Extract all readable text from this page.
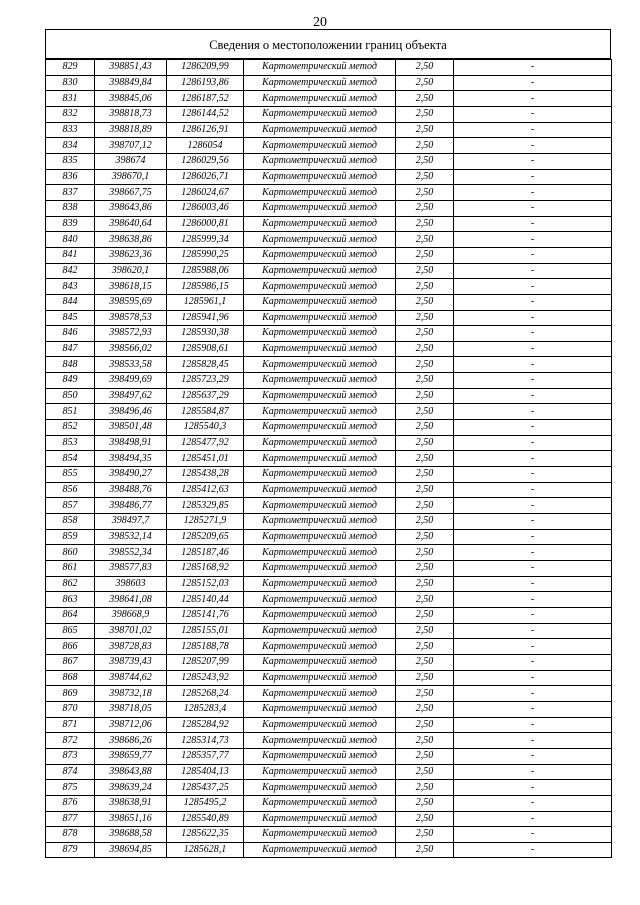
20
Сведения о местоположении границ объекта
829	398851,43	1286209,99	Картометрический метод	2,50	-
830	398849,84	1286193,86	Картометрический метод	2,50	-
831	398845,06	1286187,52	Картометрический метод	2,50	-
832	398818,73	1286144,52	Картометрический метод	2,50	-
833	398818,89	1286126,91	Картометрический метод	2,50	-
834	398707,12	1286054	Картометрический метод	2,50	-
835	398674	1286029,56	Картометрический метод	2,50	-
836	398670,1	1286026,71	Картометрический метод	2,50	-
837	398667,75	1286024,67	Картометрический метод	2,50	-
838	398643,86	1286003,46	Картометрический метод	2,50	-
839	398640,64	1286000,81	Картометрический метод	2,50	-
840	398638,86	1285999,34	Картометрический метод	2,50	-
841	398623,36	1285990,25	Картометрический метод	2,50	-
842	398620,1	1285988,06	Картометрический метод	2,50	-
843	398618,15	1285986,15	Картометрический метод	2,50	-
844	398595,69	1285961,1	Картометрический метод	2,50	-
845	398578,53	1285941,96	Картометрический метод	2,50	-
846	398572,93	1285930,38	Картометрический метод	2,50	-
847	398566,02	1285908,61	Картометрический метод	2,50	-
848	398533,58	1285828,45	Картометрический метод	2,50	-
849	398499,69	1285723,29	Картометрический метод	2,50	-
850	398497,62	1285637,29	Картометрический метод	2,50	-
851	398496,46	1285584,87	Картометрический метод	2,50	-
852	398501,48	1285540,3	Картометрический метод	2,50	-
853	398498,91	1285477,92	Картометрический метод	2,50	-
854	398494,35	1285451,01	Картометрический метод	2,50	-
855	398490,27	1285438,28	Картометрический метод	2,50	-
856	398488,76	1285412,63	Картометрический метод	2,50	-
857	398486,77	1285329,85	Картометрический метод	2,50	-
858	398497,7	1285271,9	Картометрический метод	2,50	-
859	398532,14	1285209,65	Картометрический метод	2,50	-
860	398552,34	1285187,46	Картометрический метод	2,50	-
861	398577,83	1285168,92	Картометрический метод	2,50	-
862	398603	1285152,03	Картометрический метод	2,50	-
863	398641,08	1285140,44	Картометрический метод	2,50	-
864	398668,9	1285141,76	Картометрический метод	2,50	-
865	398701,02	1285155,01	Картометрический метод	2,50	-
866	398728,83	1285188,78	Картометрический метод	2,50	-
867	398739,43	1285207,99	Картометрический метод	2,50	-
868	398744,62	1285243,92	Картометрический метод	2,50	-
869	398732,18	1285268,24	Картометрический метод	2,50	-
870	398718,05	1285283,4	Картометрический метод	2,50	-
871	398712,06	1285284,92	Картометрический метод	2,50	-
872	398686,26	1285314,73	Картометрический метод	2,50	-
873	398659,77	1285357,77	Картометрический метод	2,50	-
874	398643,88	1285404,13	Картометрический метод	2,50	-
875	398639,24	1285437,25	Картометрический метод	2,50	-
876	398638,91	1285495,2	Картометрический метод	2,50	-
877	398651,16	1285540,89	Картометрический метод	2,50	-
878	398688,58	1285622,35	Картометрический метод	2,50	-
879	398694,85	1285628,1	Картометрический метод	2,50	-
